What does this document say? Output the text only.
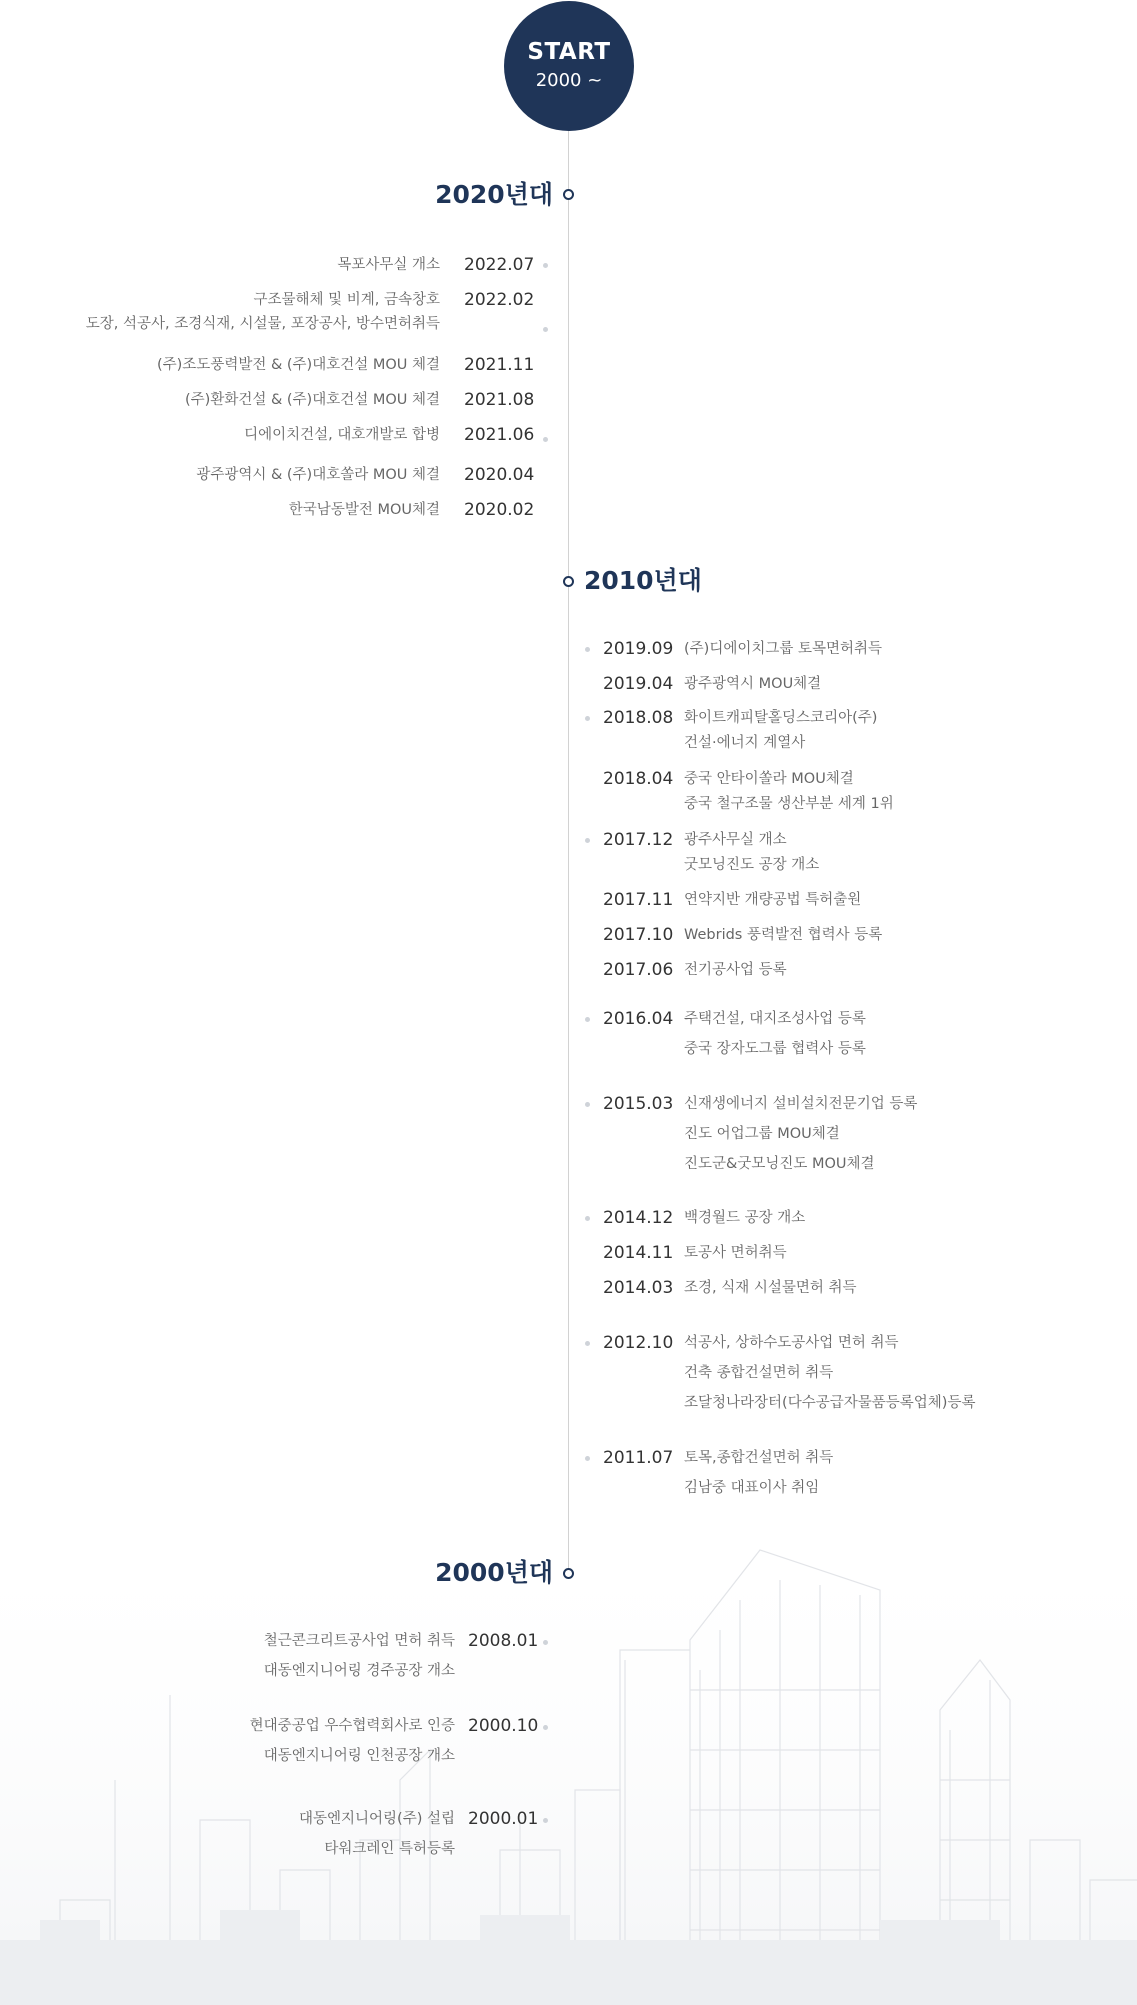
START
2000 ~
2020년대
목포사무실 개소 2022.07
구조물해체 및 비계, 금속창호
도장, 석공사, 조경식재, 시설물, 포장공사, 방수면허취득
2022.02
(주)조도풍력발전 & (주)대호건설 MOU 체결 2021.11
(주)환화건설 & (주)대호건설 MOU 체결 2021.08
디에이치건설, 대호개발로 합병 2021.06
광주광역시 & (주)대호쏠라 MOU 체결 2020.04
한국남동발전 MOU체결 2020.02
2010년대
2019.09 (주)디에이치그룹 토목면허취득
2019.04 광주광역시 MOU체결
2018.08 화이트캐피탈홀딩스코리아(주)
건설·에너지 계열사
2018.04 중국 안타이쏠라 MOU체결
중국 철구조물 생산부분 세계 1위
2017.12 광주사무실 개소
굿모닝진도 공장 개소
2017.11 연약지반 개량공법 특허출원
2017.10 Webrids 풍력발전 협력사 등록
2017.06 전기공사업 등록
2016.04 주택건설, 대지조성사업 등록
중국 장자도그룹 협력사 등록
2015.03 신재생에너지 설비설치전문기업 등록
진도 어업그룹 MOU체결
진도군&굿모닝진도 MOU체결
2014.12 백경월드 공장 개소
2014.11 토공사 면허취득
2014.03 조경, 식재 시설물면허 취득
2012.10 석공사, 상하수도공사업 면허 취득
건축 종합건설면허 취득
조달청나라장터(다수공급자물품등록업체)등록
2011.07 토목,종합건설면허 취득
김남중 대표이사 취임
2000년대
2008.01
철근콘크리트공사업 면허 취득
대동엔지니어링 경주공장 개소
2000.10
현대중공업 우수협력회사로 인증
대동엔지니어링 인천공장 개소
2000.01
대동엔지니어링(주) 설립
타워크레인 특허등록
